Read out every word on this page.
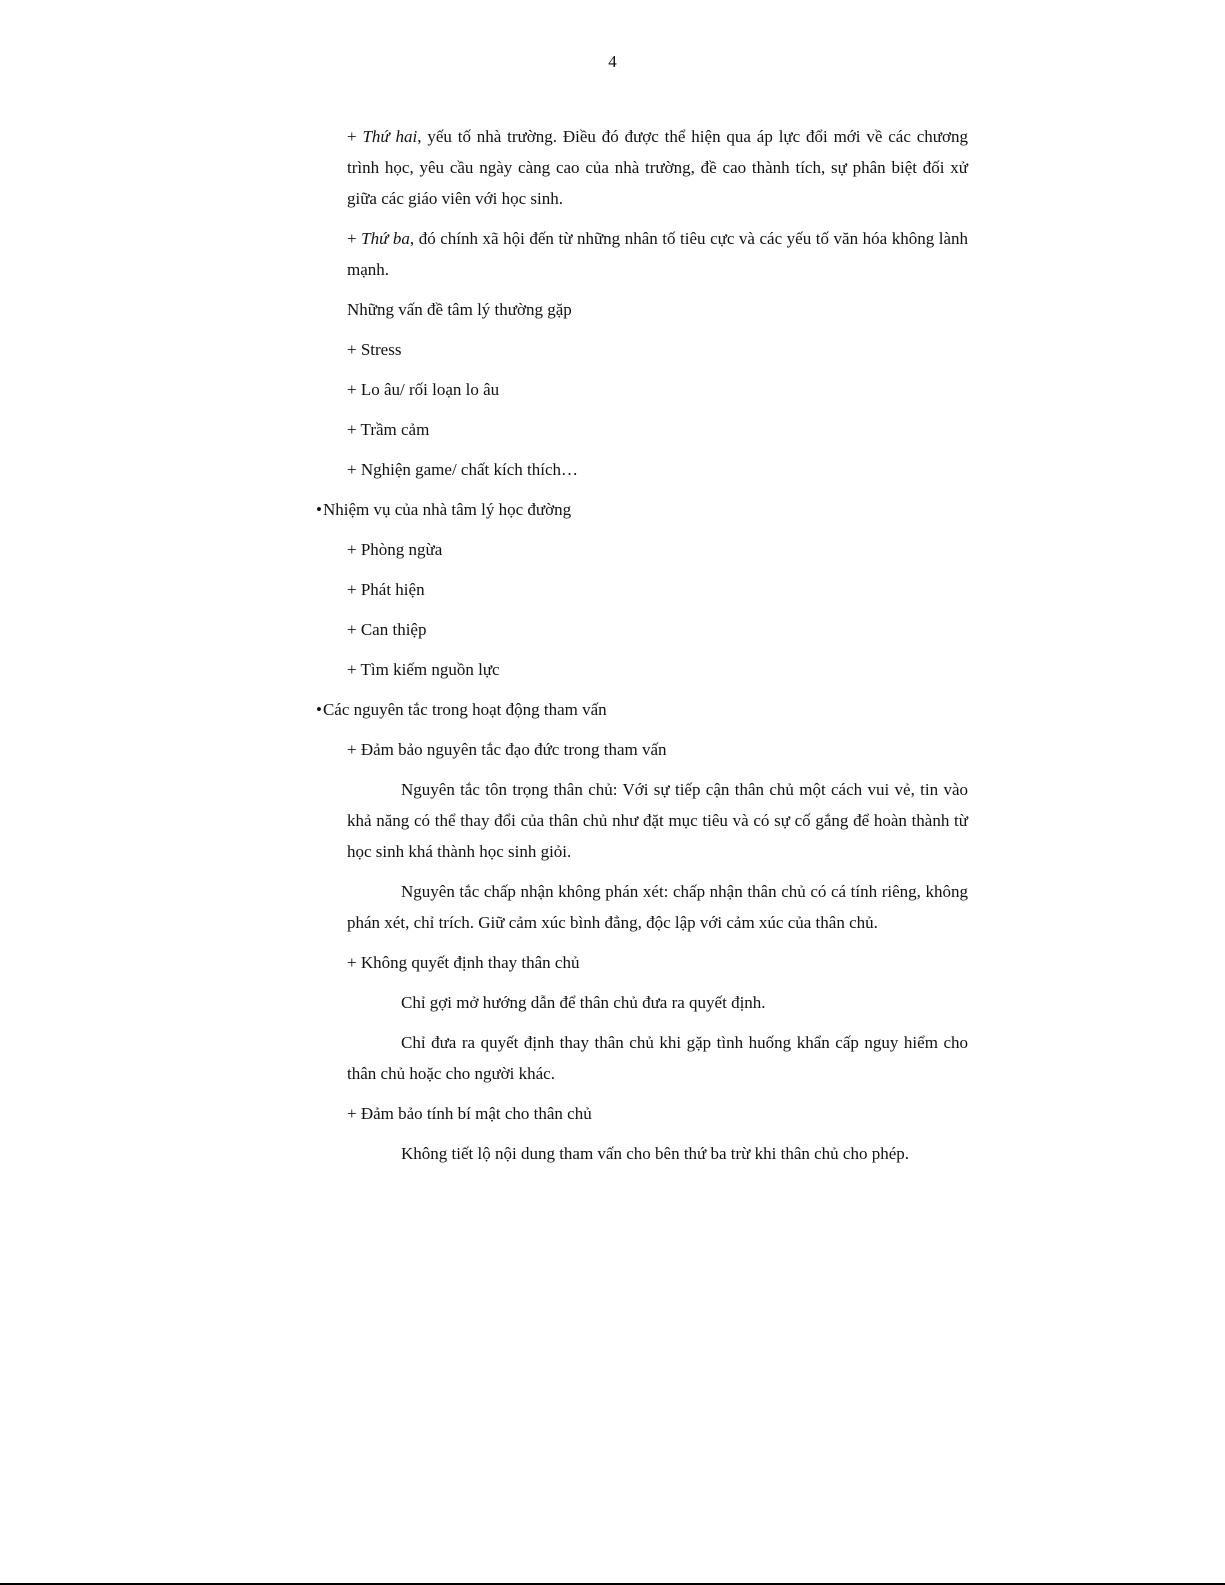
4

+ Thứ hai, yếu tố nhà trường. Điều đó được thể hiện qua áp lực đổi mới về các chương trình học, yêu cầu ngày càng cao của nhà trường, đề cao thành tích, sự phân biệt đối xử giữa các giáo viên với học sinh.

+ Thứ ba, đó chính xã hội đến từ những nhân tố tiêu cực và các yếu tố văn hóa không lành mạnh.

Những vấn đề tâm lý thường gặp

+ Stress

+ Lo âu/ rối loạn lo âu

+ Trầm cảm

+ Nghiện game/ chất kích thích…

•Nhiệm vụ của nhà tâm lý học đường

+ Phòng ngừa

+ Phát hiện

+ Can thiệp

+ Tìm kiếm nguồn lực

•Các nguyên tắc trong hoạt động tham vấn

+ Đảm bảo nguyên tắc đạo đức trong tham vấn

Nguyên tắc tôn trọng thân chủ: Với sự tiếp cận thân chủ một cách vui vẻ, tin vào khả năng có thể thay đổi của thân chủ như đặt mục tiêu và có sự cố gắng để hoàn thành từ học sinh khá thành học sinh giỏi.

Nguyên tắc chấp nhận không phán xét: chấp nhận thân chủ có cá tính riêng, không phán xét, chỉ trích. Giữ cảm xúc bình đẳng, độc lập với cảm xúc của thân chủ.

+ Không quyết định thay thân chủ

Chỉ gợi mở hướng dẫn để thân chủ đưa ra quyết định.

Chỉ đưa ra quyết định thay thân chủ khi gặp tình huống khẩn cấp nguy hiểm cho thân chủ hoặc cho người khác.

+ Đảm bảo tính bí mật cho thân chủ

Không tiết lộ nội dung tham vấn cho bên thứ ba trừ khi thân chủ cho phép.
